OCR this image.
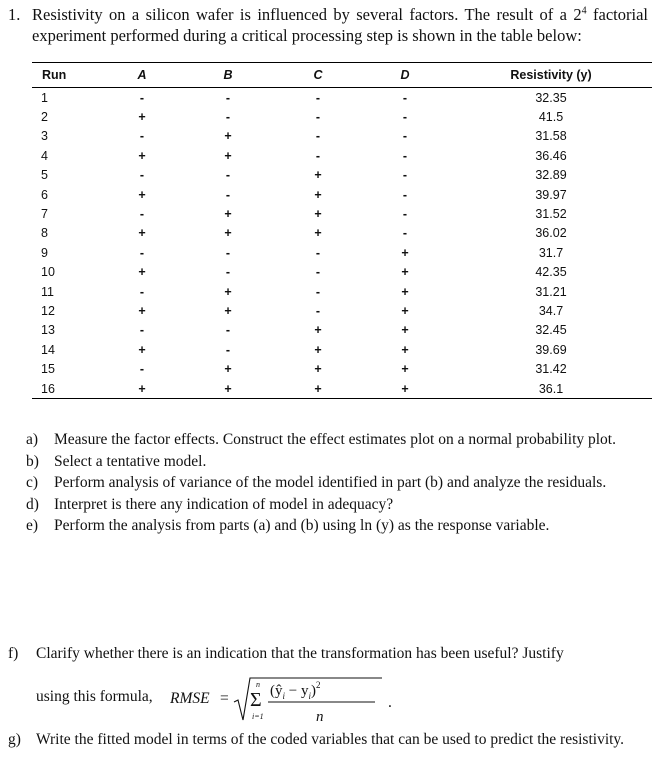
1. Resistivity on a silicon wafer is influenced by several factors. The result of a $2^4$ factorial experiment performed during a critical processing step is shown in the table below:
Run	A	B	C	D	Resistivity (y)
1	-	-	-	-	32.35
2	+	-	-	-	41.5
3	-	+	-	-	31.58
4	+	+	-	-	36.46
5	-	-	+	-	32.89
6	+	-	+	-	39.97
7	-	+	+	-	31.52
8	+	+	+	-	36.02
9	-	-	-	+	31.7
10	+	-	-	+	42.35
11	-	+	-	+	31.21
12	+	+	-	+	34.7
13	-	-	+	+	32.45
14	+	-	+	+	39.69
15	-	+	+	+	31.42
16	+	+	+	+	36.1
a) Measure the factor effects. Construct the effect estimates plot on a normal probability plot.
b) Select a tentative model.
c) Perform analysis of variance of the model identified in part (b) and analyze the residuals.
d) Interpret is there any indication of model in adequacy?
e) Perform the analysis from parts (a) and (b) using ln (y) as the response variable.
f) Clarify whether there is an indication that the transformation has been useful? Justify
using this formula, RMSE =
n
Σ
i=1
$(ŷ_i - y_i)^2$
n
.
g) Write the fitted model in terms of the coded variables that can be used to predict the resistivity.
